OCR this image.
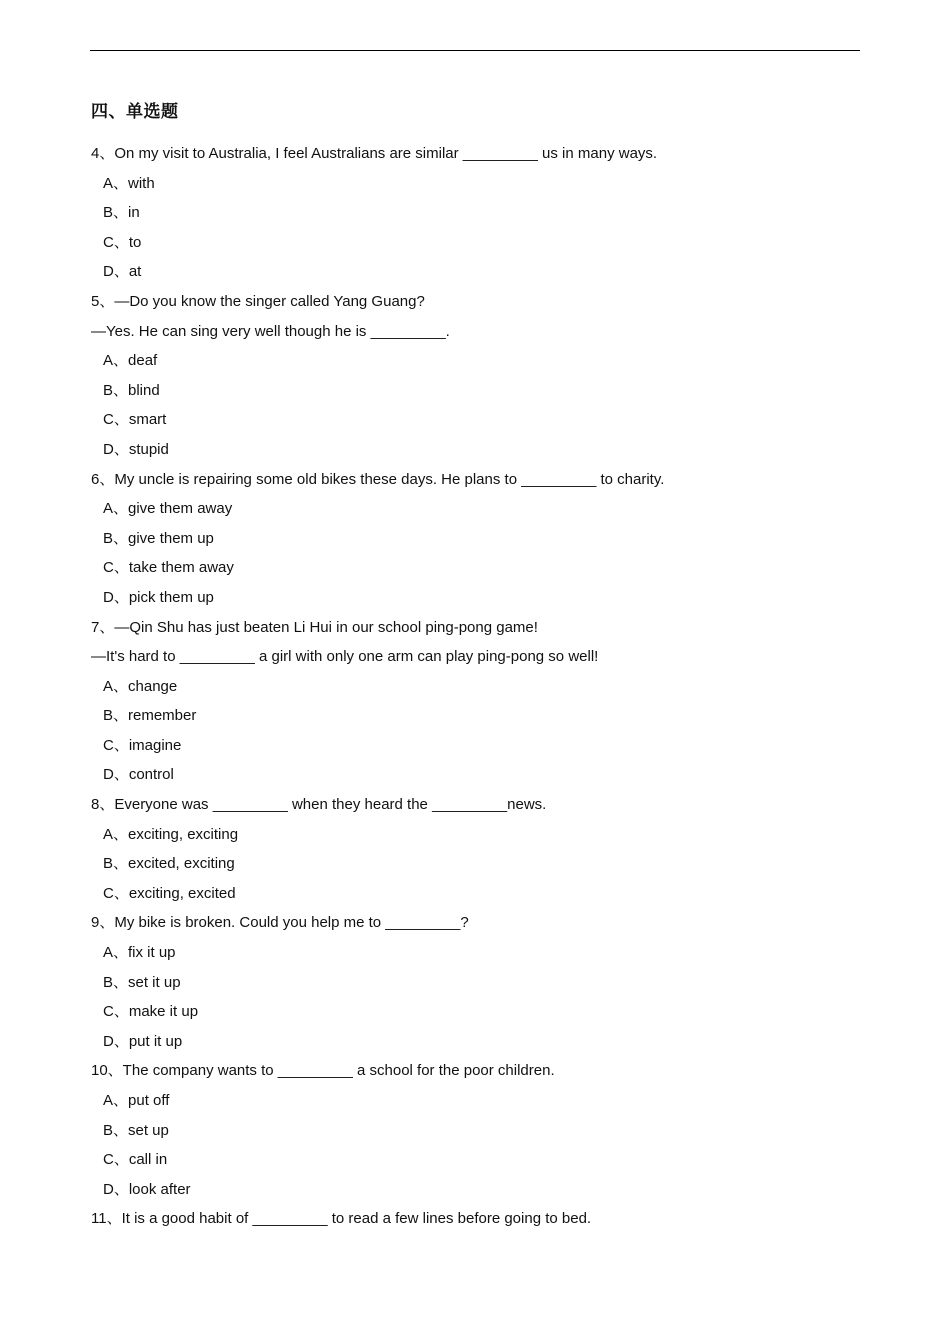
四、单选题
4、On my visit to Australia, I feel Australians are similar _________ us in many ways.
A、with
B、in
C、to
D、at
5、—Do you know the singer called Yang Guang?
—Yes. He can sing very well though he is _________.
A、deaf
B、blind
C、smart
D、stupid
6、My uncle is repairing some old bikes these days. He plans to _________ to charity.
A、give them away
B、give them up
C、take them away
D、pick them up
7、—Qin Shu has just beaten Li Hui in our school ping-pong game!
—It's hard to _________ a girl with only one arm can play ping-pong so well!
A、change
B、remember
C、imagine
D、control
8、Everyone was _________ when they heard the _________news.
A、exciting, exciting
B、excited, exciting
C、exciting, excited
9、My bike is broken. Could you help me to _________?
A、fix it up
B、set it up
C、make it up
D、put it up
10、The company wants to _________ a school for the poor children.
A、put off
B、set up
C、call in
D、look after
11、It is a good habit of _________ to read a few lines before going to bed.
